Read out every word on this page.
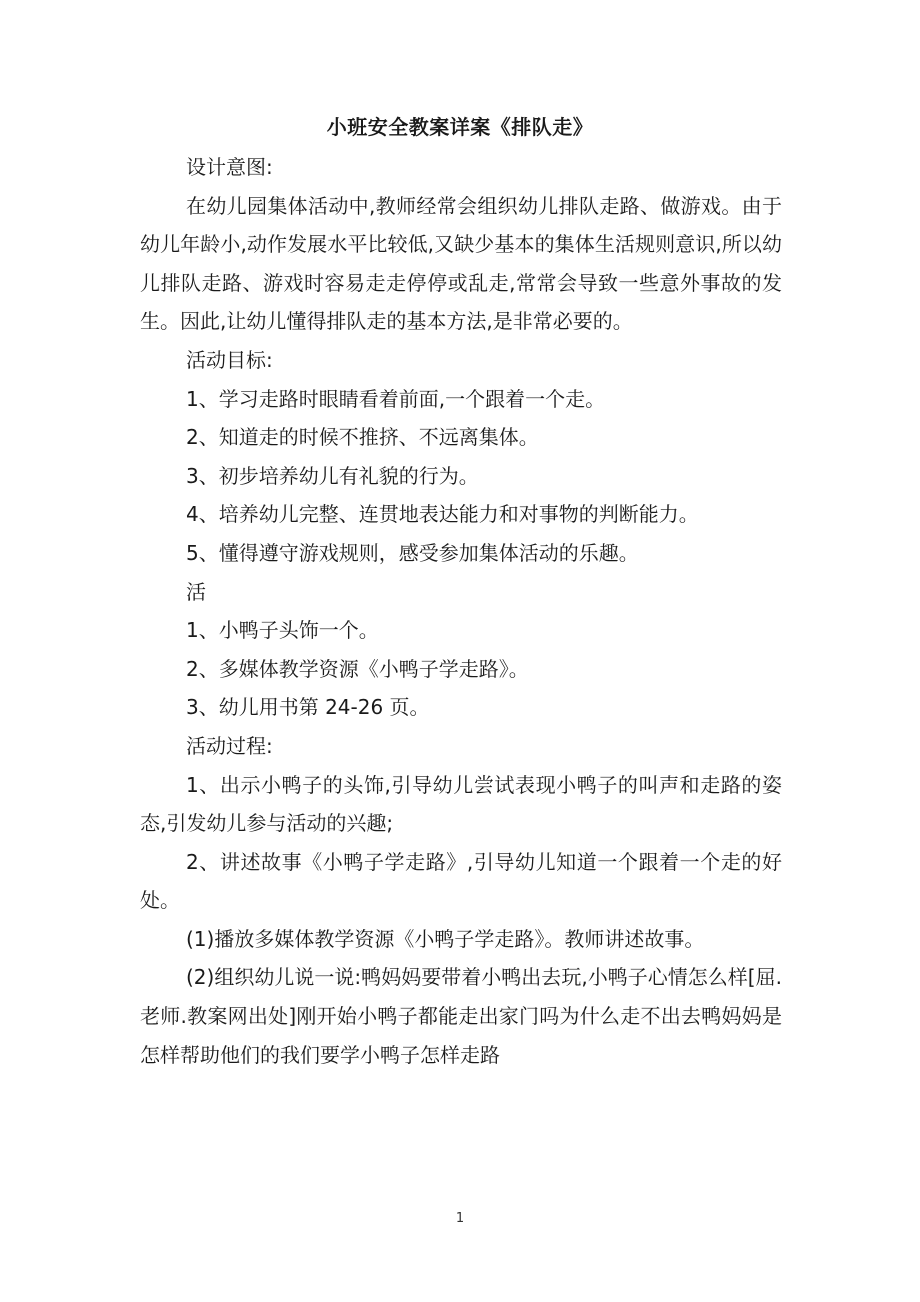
小班安全教案详案《排队走》

设计意图:

在幼儿园集体活动中,教师经常会组织幼儿排队走路、做游戏。由于幼儿年龄小,动作发展水平比较低,又缺少基本的集体生活规则意识,所以幼儿排队走路、游戏时容易走走停停或乱走,常常会导致一些意外事故的发生。因此,让幼儿懂得排队走的基本方法,是非常必要的。

活动目标:

1、学习走路时眼睛看着前面,一个跟着一个走。

2、知道走的时候不推挤、不远离集体。

3、初步培养幼儿有礼貌的行为。

4、培养幼儿完整、连贯地表达能力和对事物的判断能力。

5、懂得遵守游戏规则，感受参加集体活动的乐趣。

活

1、小鸭子头饰一个。

2、多媒体教学资源《小鸭子学走路》。

3、幼儿用书第 24-26 页。

活动过程:

1、出示小鸭子的头饰,引导幼儿尝试表现小鸭子的叫声和走路的姿态,引发幼儿参与活动的兴趣;

2、讲述故事《小鸭子学走路》,引导幼儿知道一个跟着一个走的好处。

(1)播放多媒体教学资源《小鸭子学走路》。教师讲述故事。

(2)组织幼儿说一说:鸭妈妈要带着小鸭出去玩,小鸭子心情怎么样[屈.老师.教案网出处]刚开始小鸭子都能走出家门吗为什么走不出去鸭妈妈是怎样帮助他们的我们要学小鸭子怎样走路

1
